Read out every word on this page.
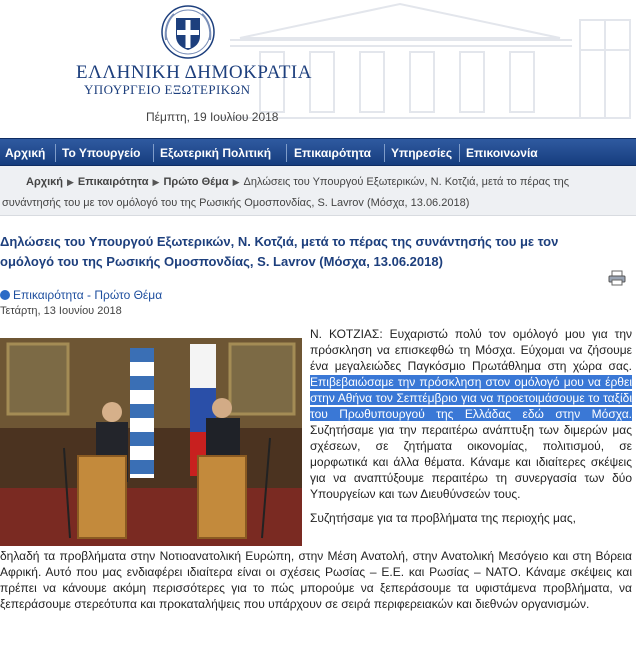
ΕΛΛΗΝΙΚΗ ΔΗΜΟΚΡΑΤΙΑ
ΥΠΟΥΡΓΕΙΟ ΕΞΩΤΕΡΙΚΩΝ
Πέμπτη, 19 Ιουλίου 2018
Αρχική Το Υπουργείο Εξωτερική Πολιτική Επικαιρότητα Υπηρεσίες Επικοινωνία
Αρχική ▶ Επικαιρότητα ▶ Πρώτο Θέμα ▶ Δηλώσεις του Υπουργού Εξωτερικών, Ν. Κοτζιά, μετά το πέρας της
συνάντησής του με τον ομόλογό του της Ρωσικής Ομοσπονδίας, S. Lavrov (Μόσχα, 13.06.2018)
Δηλώσεις του Υπουργού Εξωτερικών, Ν. Κοτζιά, μετά το πέρας της συνάντησής του με τον
ομόλογό του της Ρωσικής Ομοσπονδίας, S. Lavrov (Μόσχα, 13.06.2018)
Επικαιρότητα - Πρώτο Θέμα
Τετάρτη, 13 Ιουνίου 2018
Ν. ΚΟΤΖΙΑΣ: Ευχαριστώ πολύ τον ομόλογό μου για την πρόσκληση να επισκεφθώ τη Μόσχα. Εύχομαι να ζήσουμε ένα μεγαλειώδες Παγκόσμιο Πρωτάθλημα στη χώρα σας. Επιβεβαιώσαμε την πρόσκληση στον ομόλογό μου να έρθει στην Αθήνα τον Σεπτέμβριο για να προετοιμάσουμε το ταξίδι του Πρωθυπουργού της Ελλάδας εδώ στην Μόσχα. Συζητήσαμε για την περαιτέρω ανάπτυξη των διμερών μας σχέσεων, σε ζητήματα οικονομίας, πολιτισμού, σε μορφωτικά και άλλα θέματα. Κάναμε και ιδιαίτερες σκέψεις για να αναπτύξουμε περαιτέρω τη συνεργασία των δύο Υπουργείων και των Διευθύνσεών τους.
Συζητήσαμε για τα προβλήματα της περιοχής μας,
δηλαδή τα προβλήματα στην Νοτιοανατολική Ευρώπη, στην Μέση Ανατολή, στην Ανατολική Μεσόγειο και στη Βόρεια Αφρική. Αυτό που μας ενδιαφέρει ιδιαίτερα είναι οι σχέσεις Ρωσίας – Ε.Ε. και Ρωσίας – ΝΑΤΟ. Κάναμε σκέψεις και πρέπει να κάνουμε ακόμη περισσότερες για το πώς μπορούμε να ξεπεράσουμε τα υφιστάμενα προβλήματα, να ξεπεράσουμε στερεότυπα και προκαταλήψεις που υπάρχουν σε σειρά περιφερειακών και διεθνών οργανισμών.
